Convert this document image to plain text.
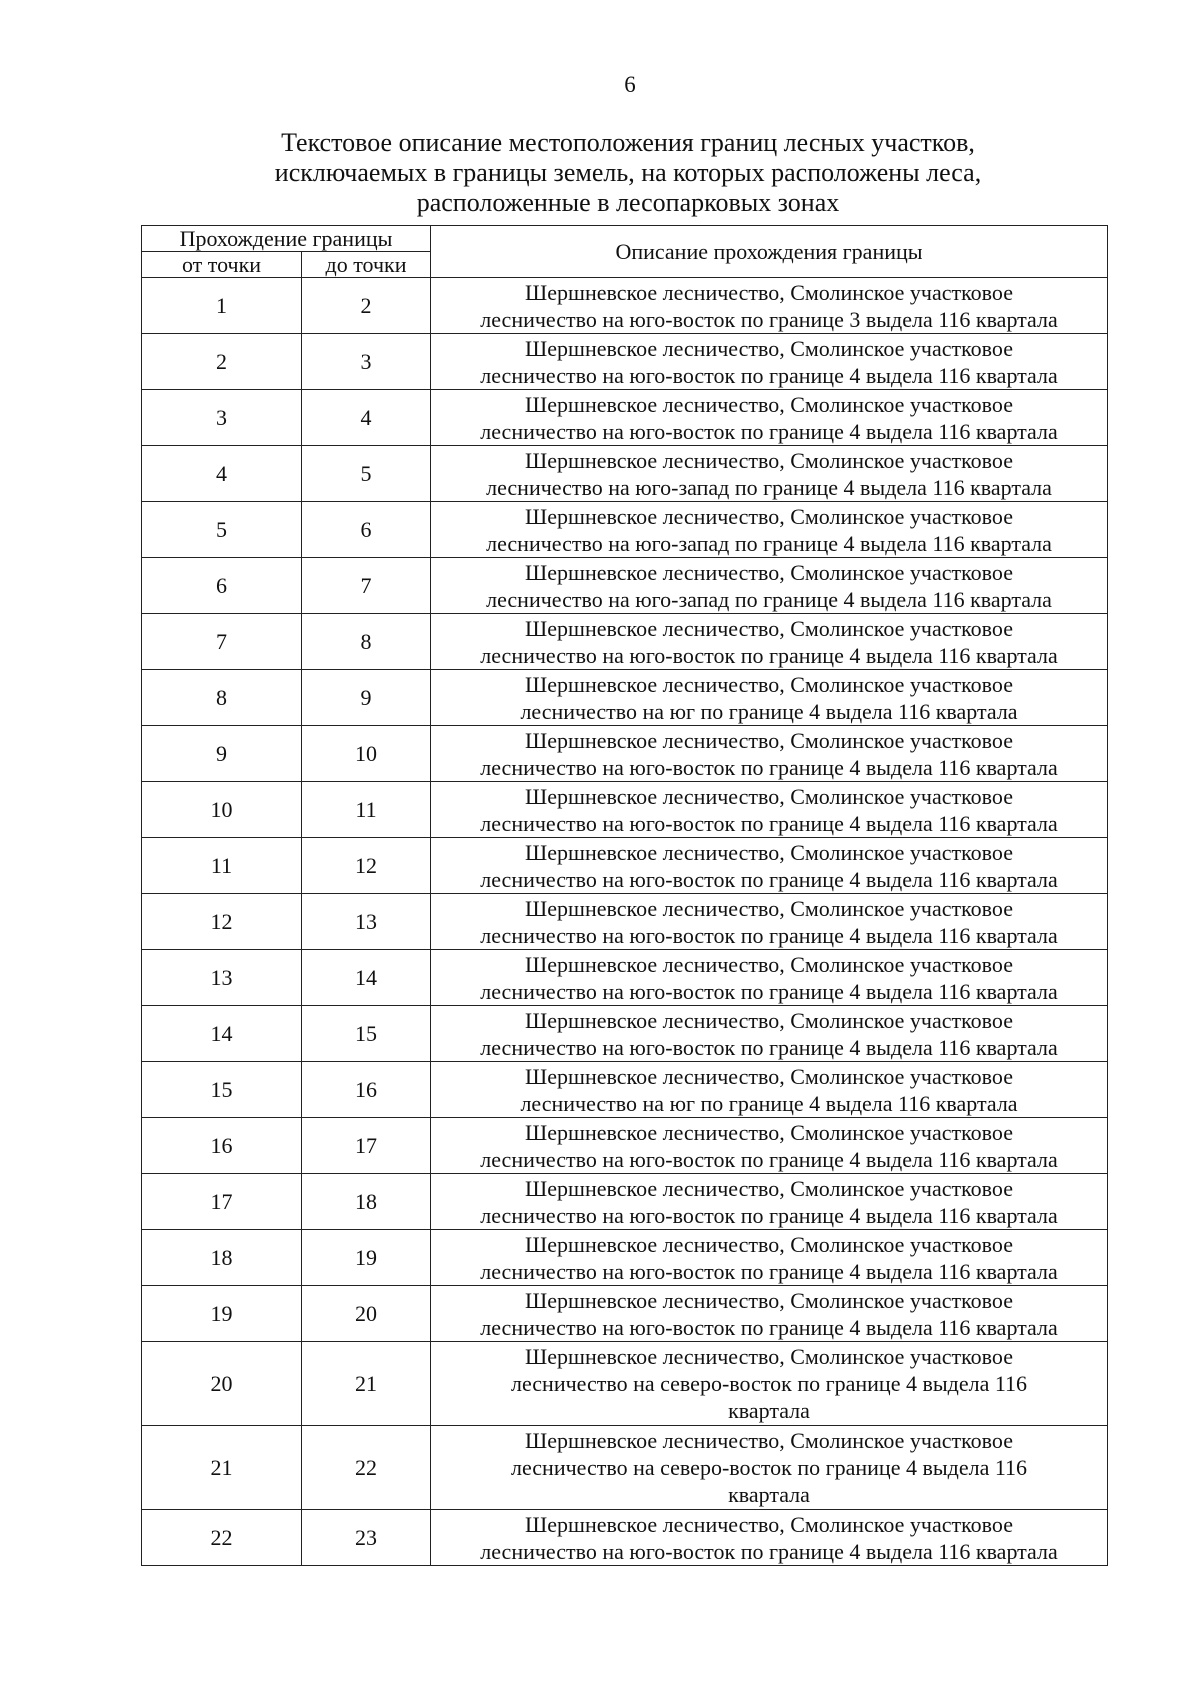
6
Текстовое описание местоположения границ лесных участков,
исключаемых в границы земель, на которых расположены леса,
расположенные в лесопарковых зонах
Прохождение границы		Описание прохождения границы
от точки	до точки	
1	2	Шершневское лесничество, Смолинское участковое
лесничество на юго-восток по границе 3 выдела 116 квартала

2	3	Шершневское лесничество, Смолинское участковое
лесничество на юго-восток по границе 4 выдела 116 квартала

3	4	Шершневское лесничество, Смолинское участковое
лесничество на юго-восток по границе 4 выдела 116 квартала

4	5	Шершневское лесничество, Смолинское участковое
лесничество на юго-запад по границе 4 выдела 116 квартала

5	6	Шершневское лесничество, Смолинское участковое
лесничество на юго-запад по границе 4 выдела 116 квартала

6	7	Шершневское лесничество, Смолинское участковое
лесничество на юго-запад по границе 4 выдела 116 квартала

7	8	Шершневское лесничество, Смолинское участковое
лесничество на юго-восток по границе 4 выдела 116 квартала

8	9	Шершневское лесничество, Смолинское участковое
лесничество на юг по границе 4 выдела 116 квартала

9	10	Шершневское лесничество, Смолинское участковое
лесничество на юго-восток по границе 4 выдела 116 квартала

10	11	Шершневское лесничество, Смолинское участковое
лесничество на юго-восток по границе 4 выдела 116 квартала

11	12	Шершневское лесничество, Смолинское участковое
лесничество на юго-восток по границе 4 выдела 116 квартала

12	13	Шершневское лесничество, Смолинское участковое
лесничество на юго-восток по границе 4 выдела 116 квартала

13	14	Шершневское лесничество, Смолинское участковое
лесничество на юго-восток по границе 4 выдела 116 квартала

14	15	Шершневское лесничество, Смолинское участковое
лесничество на юго-восток по границе 4 выдела 116 квартала

15	16	Шершневское лесничество, Смолинское участковое
лесничество на юг по границе 4 выдела 116 квартала

16	17	Шершневское лесничество, Смолинское участковое
лесничество на юго-восток по границе 4 выдела 116 квартала

17	18	Шершневское лесничество, Смолинское участковое
лесничество на юго-восток по границе 4 выдела 116 квартала

18	19	Шершневское лесничество, Смолинское участковое
лесничество на юго-восток по границе 4 выдела 116 квартала

19	20	Шершневское лесничество, Смолинское участковое
лесничество на юго-восток по границе 4 выдела 116 квартала

20	21	Шершневское лесничество, Смолинское участковое
лесничество на северо-восток по границе 4 выдела 116
квартала

21	22	Шершневское лесничество, Смолинское участковое
лесничество на северо-восток по границе 4 выдела 116
квартала

22	23	Шершневское лесничество, Смолинское участковое
лесничество на юго-восток по границе 4 выдела 116 квартала
